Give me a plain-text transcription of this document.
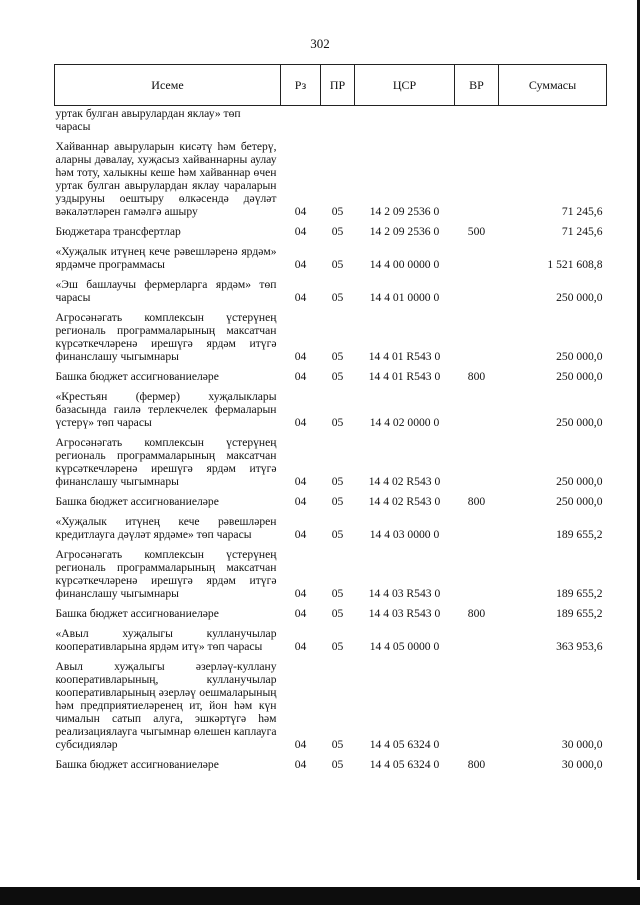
302
Исеме	Рз	ПР	ЦСР	ВР	Суммасы
уртак булган авырулардан яклау» төп чарасы					
Хайваннар авыруларын кисәтү һәм бетерү, аларны дәвалау, хуҗасыз хайваннарны аулау һәм тоту, халыкны кеше һәм хайваннар өчен уртак булган авырулардан яклау чараларын уздыруны оештыру өлкәсендә дәүләт вәкаләтләрен гамәлгә ашыру	04	05	14 2 09 2536 0		71 245,6
Бюджетара трансфертлар	04	05	14 2 09 2536 0	500	71 245,6
«Хуҗалык итүнең кече рәвешләренә ярдәм» ярдәмче программасы	04	05	14 4 00 0000 0		1 521 608,8
«Эш башлаучы фермерларга ярдәм» төп чарасы	04	05	14 4 01 0000 0		250 000,0
Агросәнәгать комплексын үстерүнең региональ программаларының максатчан күрсәткечләренә ирешүгә ярдәм итүгә финанслашу чыгымнары	04	05	14 4 01 R543 0		250 000,0
Башка бюджет ассигнованиеләре	04	05	14 4 01 R543 0	800	250 000,0
«Крестьян (фермер) хуҗалыклары базасында гаилә терлекчелек фермаларын үстерү» төп чарасы	04	05	14 4 02 0000 0		250 000,0
Агросәнәгать комплексын үстерүнең региональ программаларының максатчан күрсәткечләренә ирешүгә ярдәм итүгә финанслашу чыгымнары	04	05	14 4 02 R543 0		250 000,0
Башка бюджет ассигнованиеләре	04	05	14 4 02 R543 0	800	250 000,0
«Хуҗалык итүнең кече рәвешләрен кредитлауга дәүләт ярдәме» төп чарасы	04	05	14 4 03 0000 0		189 655,2
Агросәнәгать комплексын үстерүнең региональ программаларының максатчан күрсәткечләренә ирешүгә ярдәм итүгә финанслашу чыгымнары	04	05	14 4 03 R543 0		189 655,2
Башка бюджет ассигнованиеләре	04	05	14 4 03 R543 0	800	189 655,2
«Авыл хуҗалыгы кулланучылар кооперативларына ярдәм итү» төп чарасы	04	05	14 4 05 0000 0		363 953,6
Авыл хуҗалыгы әзерләү-куллану кооперативларының, кулланучылар кооперативларының әзерләү оешмаларының һәм предприятиеләренең ит, йон һәм күн чималын сатып алуга, эшкәртүгә һәм реализациялауга чыгымнар өлешен каплауга субсидияләр	04	05	14 4 05 6324 0		30 000,0
Башка бюджет ассигнованиеләре	04	05	14 4 05 6324 0	800	30 000,0
